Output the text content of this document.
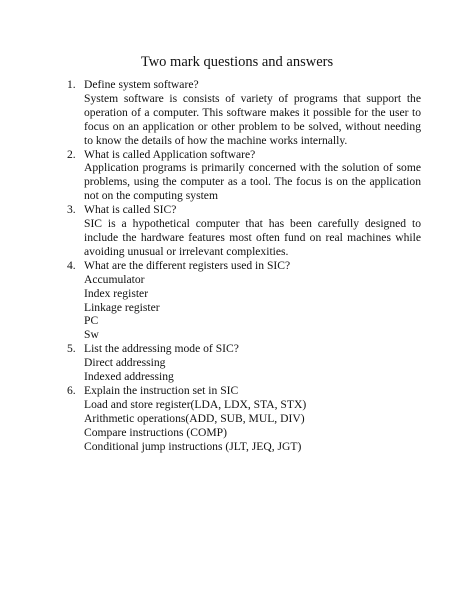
Two mark questions and answers
1. Define system software?
System software is consists of variety of programs that support the operation of a computer. This software makes it possible for the user to focus on an application or other problem to be solved, without needing to know the details of how the machine works internally.
2. What is called Application software?
Application programs is primarily concerned with the solution of some problems, using the computer as a tool. The focus is on the application not on the computing system
3. What is called SIC?
SIC is a hypothetical computer that has been carefully designed to include the hardware features most often fund on real machines while avoiding unusual or irrelevant complexities.
4. What are the different registers used in SIC?
Accumulator
Index register
Linkage register
PC
Sw
5. List the addressing mode of SIC?
Direct addressing
Indexed addressing
6. Explain the instruction set in SIC
Load and store register(LDA, LDX, STA, STX)
Arithmetic operations(ADD, SUB, MUL, DIV)
Compare instructions (COMP)
Conditional jump instructions (JLT, JEQ, JGT)
